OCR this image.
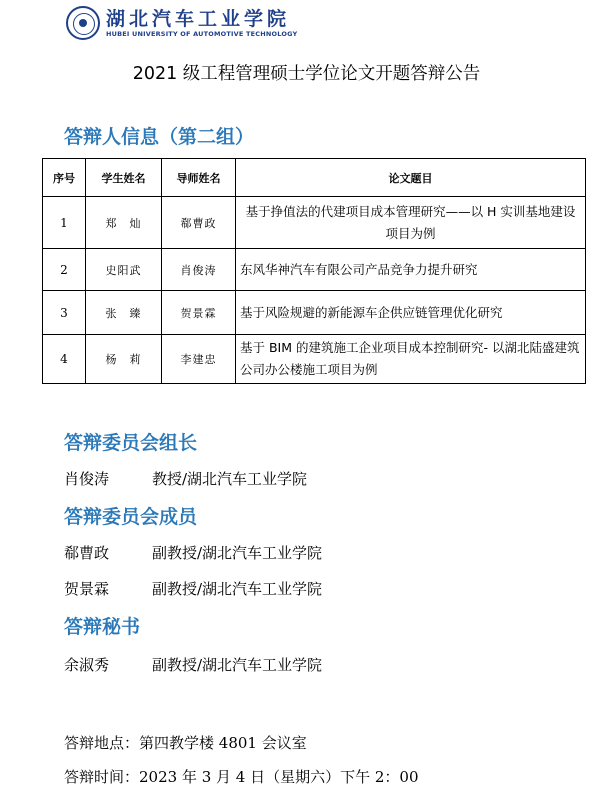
湖北汽车工业学院
HUBEI UNIVERSITY OF AUTOMOTIVE TECHNOLOGY
2021 级工程管理硕士学位论文开题答辩公告
答辩人信息（第二组）
序号	学生姓名	导师姓名	论文题目
1	郑　灿	郗曹政	基于挣值法的代建项目成本管理研究——以 H 实训基地建设项目为例
2	史阳武	肖俊涛	东风华神汽车有限公司产品竞争力提升研究
3	张　臻	贺景霖	基于风险规避的新能源车企供应链管理优化研究
4	杨　莉	李建忠	基于 BIM 的建筑施工企业项目成本控制研究- 以湖北陆盛建筑公司办公楼施工项目为例
答辩委员会组长
肖俊涛	教授/湖北汽车工业学院
答辩委员会成员
郗曹政	副教授/湖北汽车工业学院
贺景霖	副教授/湖北汽车工业学院
答辩秘书
余淑秀	副教授/湖北汽车工业学院
答辩地点：第四教学楼 4801 会议室
答辩时间：2023 年 3 月 4 日（星期六）下午 2：00
